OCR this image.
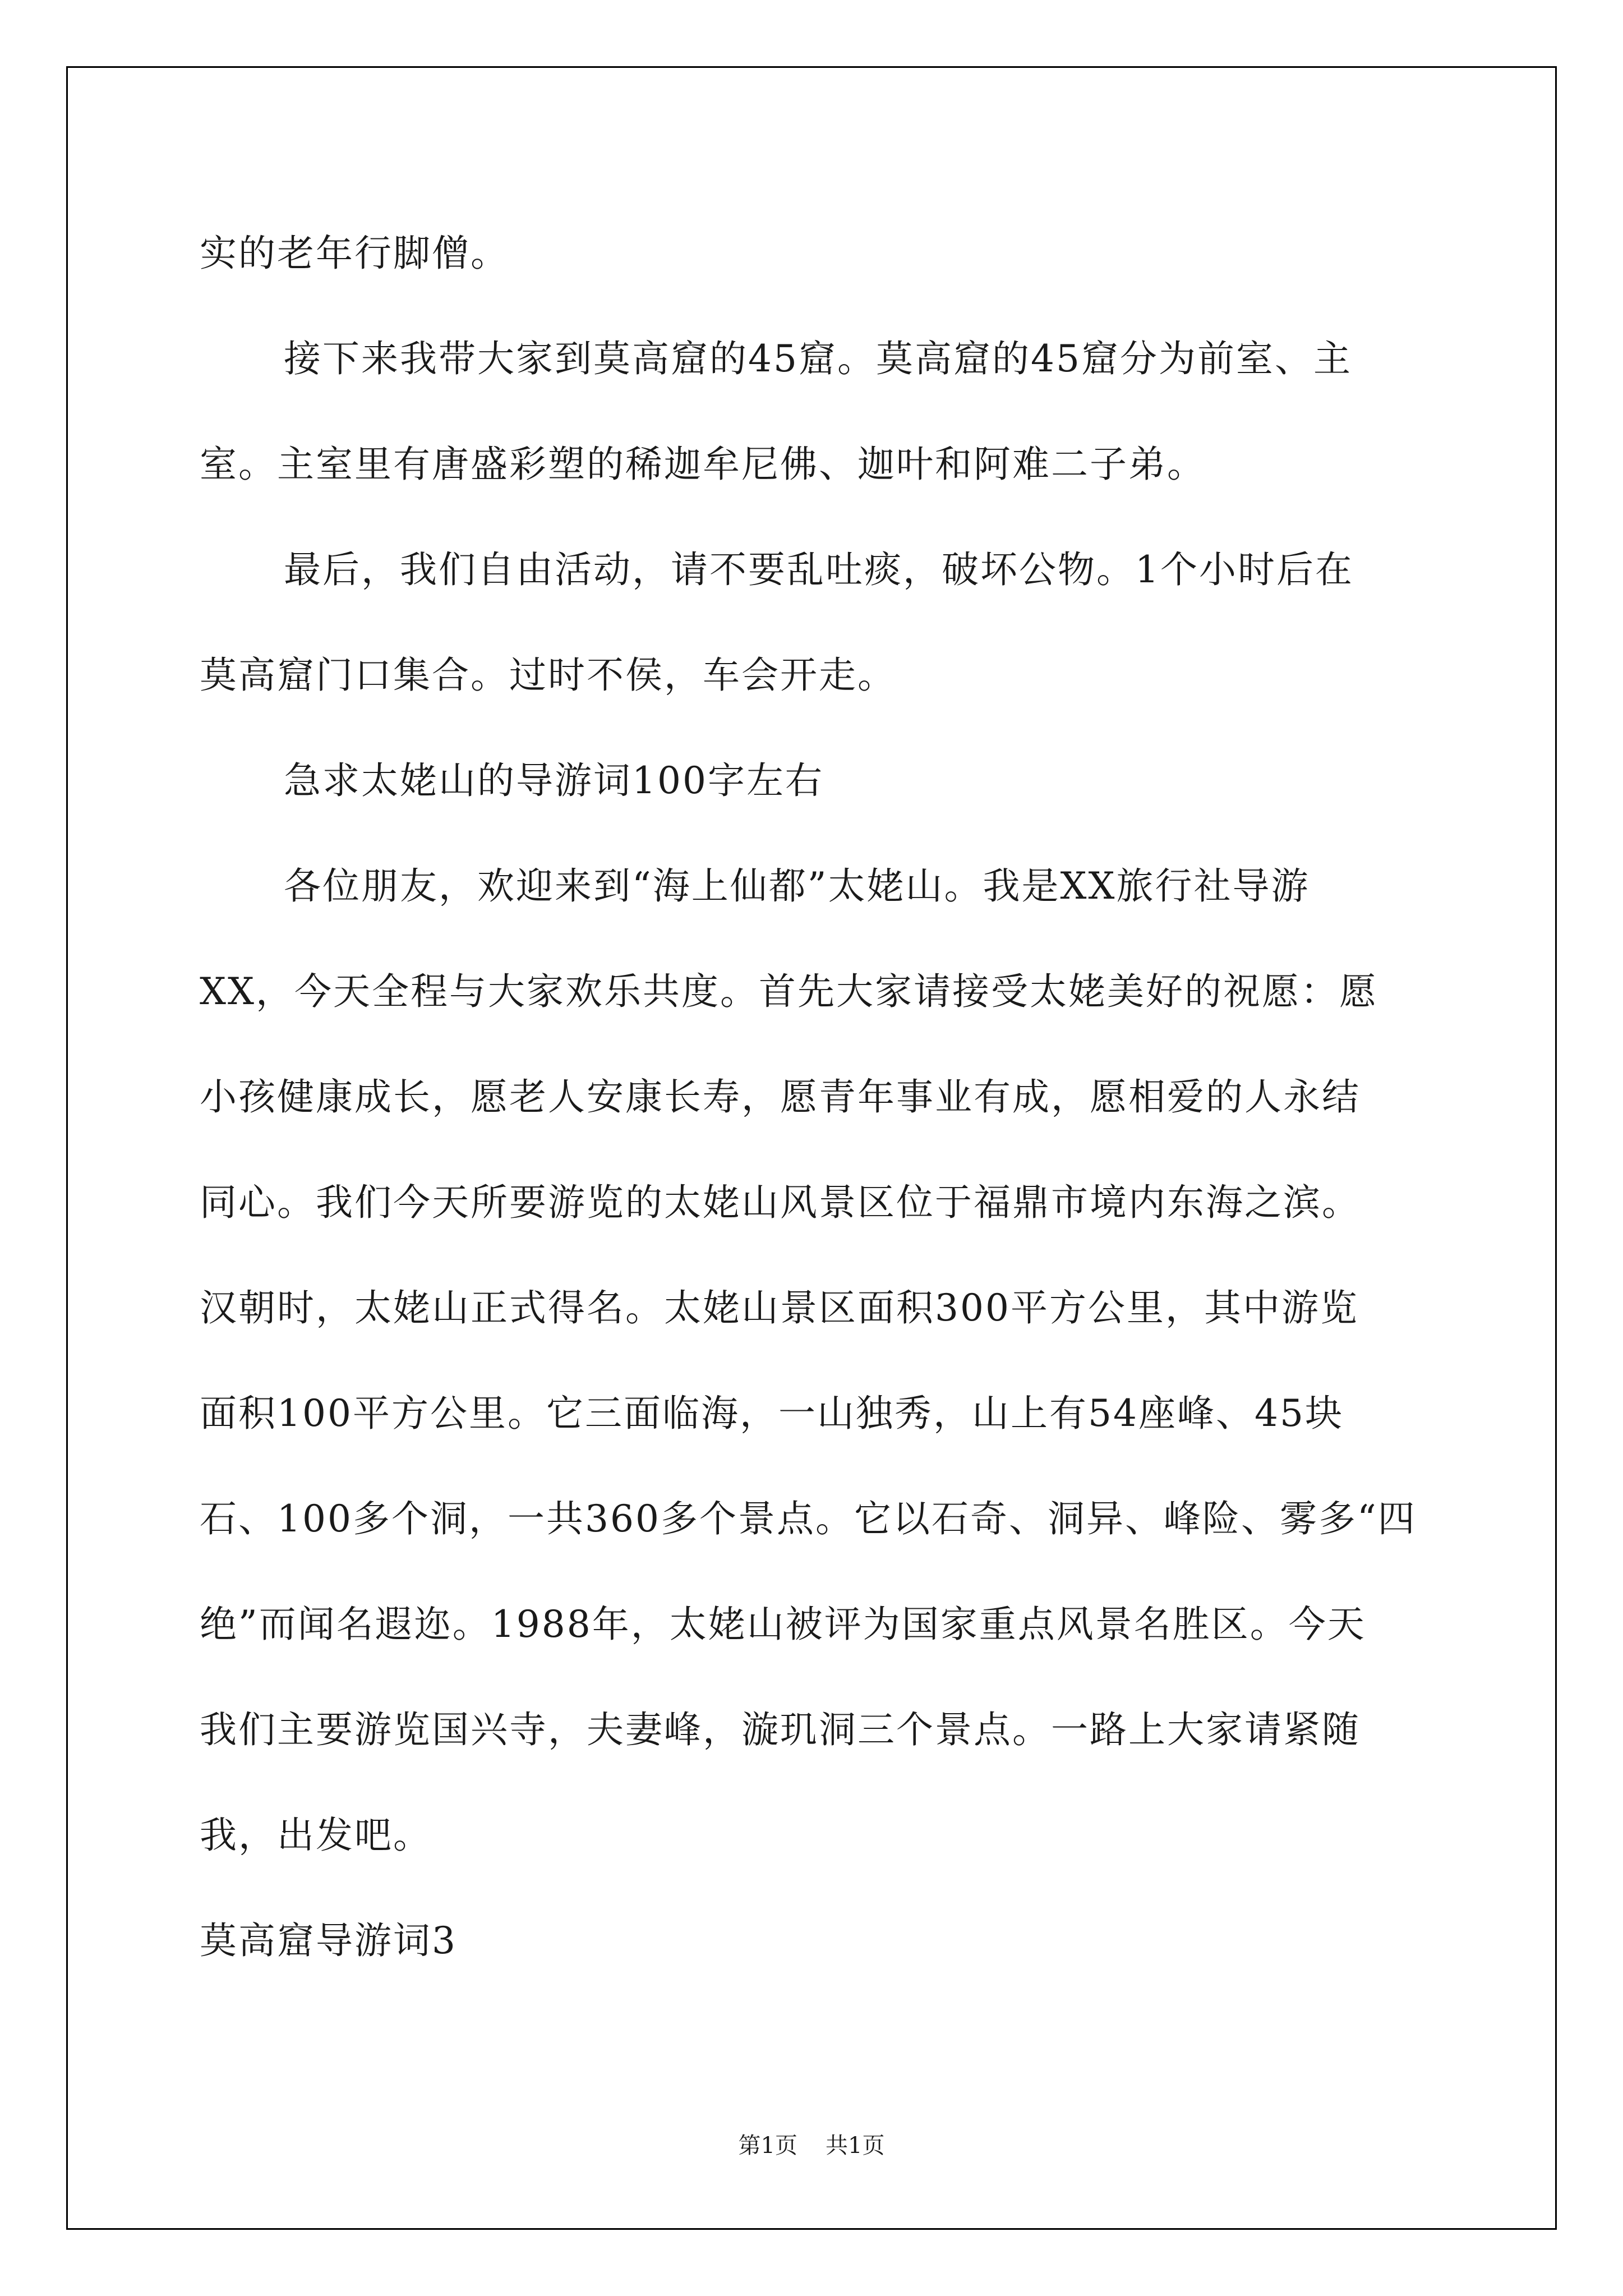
实的老年行脚僧。

接下来我带大家到莫高窟的45窟。莫高窟的45窟分为前室、主

室。主室里有唐盛彩塑的稀迦牟尼佛、迦叶和阿难二子弟。

最后，我们自由活动，请不要乱吐痰，破坏公物。1个小时后在

莫高窟门口集合。过时不侯，车会开走。

急求太姥山的导游词100字左右

各位朋友，欢迎来到“海上仙都”太姥山。我是XX旅行社导游

XX，今天全程与大家欢乐共度。首先大家请接受太姥美好的祝愿：愿

小孩健康成长，愿老人安康长寿，愿青年事业有成，愿相爱的人永结

同心。我们今天所要游览的太姥山风景区位于福鼎市境内东海之滨。

汉朝时，太姥山正式得名。太姥山景区面积300平方公里，其中游览

面积100平方公里。它三面临海，一山独秀，山上有54座峰、45块

石、100多个洞，一共360多个景点。它以石奇、洞异、峰险、雾多“四

绝”而闻名遐迩。1988年，太姥山被评为国家重点风景名胜区。今天

我们主要游览国兴寺，夫妻峰，漩玑洞三个景点。一路上大家请紧随

我，出发吧。

莫高窟导游词3

第1页 共1页
